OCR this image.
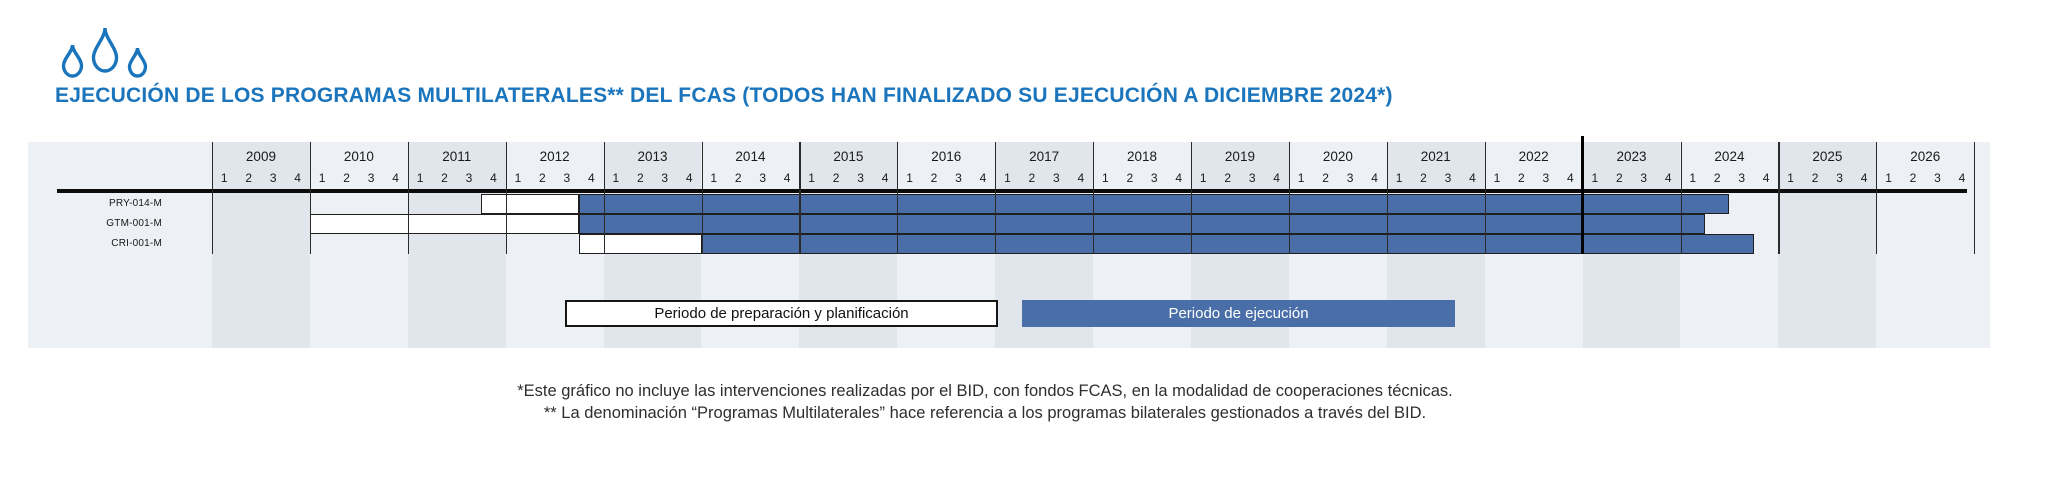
EJECUCIÓN DE LOS PROGRAMAS MULTILATERALES** DEL FCAS (TODOS HAN FINALIZADO SU EJECUCIÓN A DICIEMBRE 2024*)
2009
1	2	3	4
2010
1	2	3	4
2011
1	2	3	4
2012
1	2	3	4
2013
1	2	3	4
2014
1	2	3	4
2015
1	2	3	4
2016
1	2	3	4
2017
1	2	3	4
2018
1	2	3	4
2019
1	2	3	4
2020
1	2	3	4
2021
1	2	3	4
2022
1	2	3	4
2023
1	2	3	4
2024
1	2	3	4
2025
1	2	3	4
2026
1	2	3	4
PRY-014-M
GTM-001-M
CRI-001-M
Periodo de preparación y planificación	Periodo de ejecución
*Este gráfico no incluye las intervenciones realizadas por el BID, con fondos FCAS, en la modalidad de cooperaciones técnicas.
** La denominación “Programas Multilaterales” hace referencia a los programas bilaterales gestionados a través del BID.
